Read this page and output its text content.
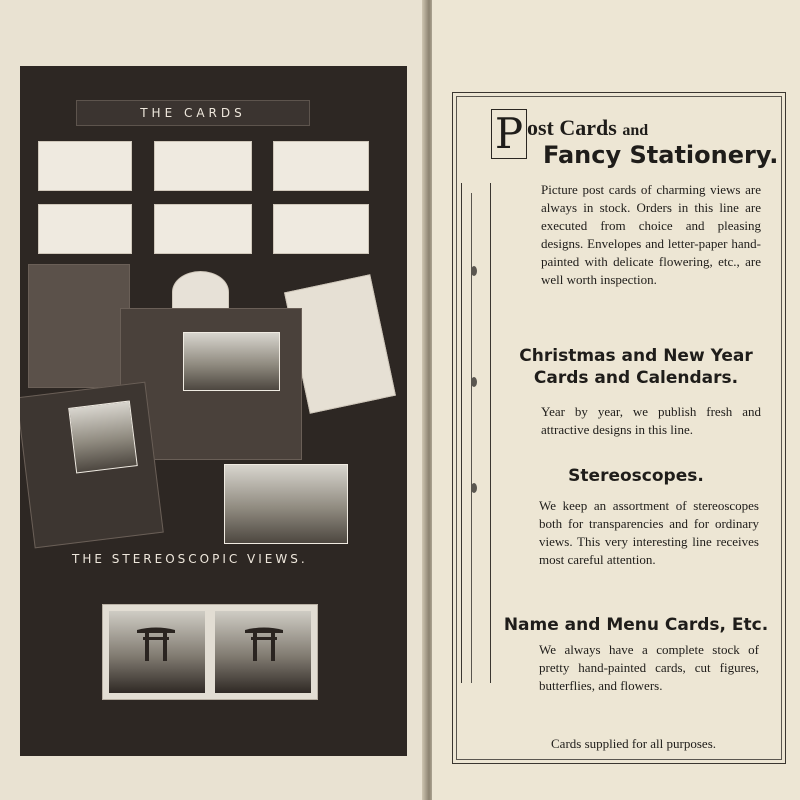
THE CARDS
THE STEREOSCOPIC VIEWS.
P ost Cards and
Fancy Stationery.

Picture post cards of charming views are always in stock. Orders in this line are executed from choice and pleasing designs. Envelopes and letter-paper hand-painted with delicate flowering, etc., are well worth inspection.

Christmas and New Year Cards and Calendars.

Year by year, we publish fresh and attractive designs in this line.

Stereoscopes.

We keep an assortment of stereoscopes both for transparencies and for ordinary views. This very interesting line receives most careful attention.

Name and Menu Cards, Etc.

We always have a complete stock of pretty hand-painted cards, cut figures, butterflies, and flowers.

Cards supplied for all purposes.
